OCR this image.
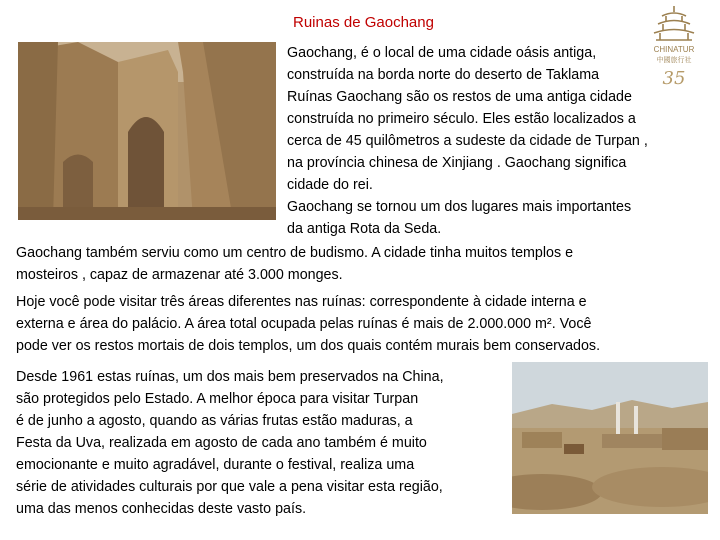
Ruinas de Gaochang
CHINATUR
中國旅行社
35

Gaochang, é o local de uma cidade oásis antiga,

construída na borda norte do deserto de Taklama

Ruínas Gaochang são os restos de uma antiga cidade

construída no primeiro século. Eles estão localizados a

cerca de 45 quilômetros a sudeste da cidade de Turpan ,

na província chinesa de Xinjiang . Gaochang significa

cidade do rei.

Gaochang se tornou um dos lugares mais importantes

da antiga Rota da Seda.

Gaochang também serviu como um centro de budismo. A cidade tinha muitos templos e

mosteiros , capaz de armazenar até 3.000 monges.

Hoje você pode visitar três áreas diferentes nas ruínas: correspondente à cidade interna e

externa e área do palácio. A área total ocupada pelas ruínas é mais de 2.000.000 m². Você

pode ver os restos mortais de dois templos, um dos quais contém murais bem conservados.

Desde 1961 estas ruínas, um dos mais bem preservados na China,

são protegidos pelo Estado. A melhor época para visitar Turpan

é de junho a agosto, quando as várias frutas estão maduras, a

Festa da Uva, realizada em agosto de cada ano também é muito

emocionante e muito agradável, durante o festival, realiza uma

série de atividades culturais por que vale a pena visitar esta região,

uma das menos conhecidas deste vasto país.
